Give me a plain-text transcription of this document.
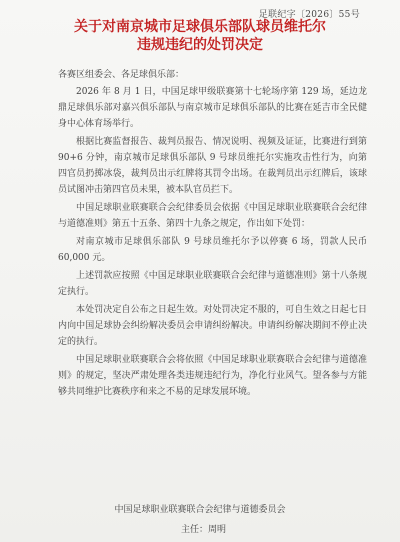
足联纪字〔2026〕55号
关于对南京城市足球俱乐部队球员维托尔
违规违纪的处罚决定

各赛区组委会、各足球俱乐部：

2026 年 8 月 1 日，中国足球甲级联赛第十七轮场序第 129 场，延边龙鼎足球俱乐部对嘉兴俱乐部队与南京城市足球俱乐部队的比赛在延吉市全民健身中心体育场举行。

根据比赛监督报告、裁判员报告、情况说明、视频及证证，比赛进行到第 90+6 分钟，南京城市足球俱乐部队 9 号球员维托尔实施攻击性行为，向第四官员扔掷冰袋，裁判员出示红牌将其罚令出场。在裁判员出示红牌后，该球员试图冲击第四官员未果，被本队官员拦下。

中国足球职业联赛联合会纪律委员会依据《中国足球职业联赛联合会纪律与道德准则》第五十五条、第四十九条之规定，作出如下处罚：

对南京城市足球俱乐部队 9 号球员维托尔予以停赛 6 场，罚款人民币 60,000 元。

上述罚款应按照《中国足球职业联赛联合会纪律与道德准则》第十八条规定执行。

本处罚决定自公布之日起生效。对处罚决定不服的，可自生效之日起七日内向中国足球协会纠纷解决委员会申请纠纷解决。申请纠纷解决期间不停止决定的执行。

中国足球职业联赛联合会将依照《中国足球职业联赛联合会纪律与道德准则》的规定，坚决严肃处理各类违规违纪行为，净化行业风气。望各参与方能够共同维护比赛秩序和来之不易的足球发展环境。

中国足球职业联赛联合会纪律与道德委员会
主任：周明
